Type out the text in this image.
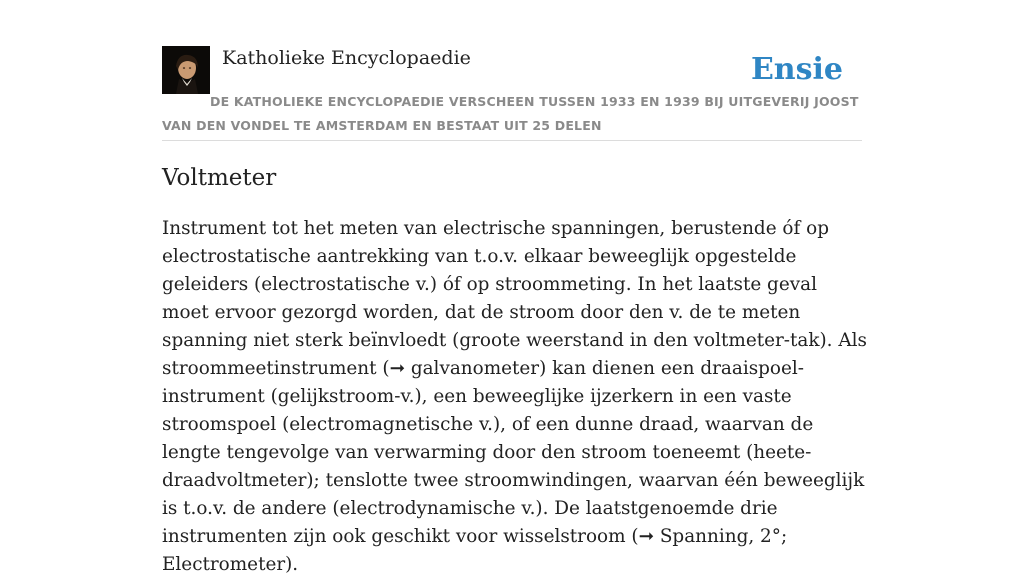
Katholieke Encyclopaedie	Ensie
DE KATHOLIEKE ENCYCLOPAEDIE VERSCHEEN TUSSEN 1933 EN 1939 BIJ UITGEVERIJ JOOST VAN DEN VONDEL TE AMSTERDAM EN BESTAAT UIT 25 DELEN
Voltmeter

Instrument tot het meten van electrische spanningen, berustende óf op electrostatische aantrekking van t.o.v. elkaar beweeglijk opgestelde geleiders (electrostatische v.) óf op stroommeting. In het laatste geval moet ervoor gezorgd worden, dat de stroom door den v. de te meten spanning niet sterk beïnvloedt (groote weerstand in den voltmeter-tak). Als stroommeetinstrument (➞ galvanometer) kan dienen een draaispoel-instrument (gelijkstroom-v.), een beweeglijke ijzerkern in een vaste stroomspoel (electromagnetische v.), of een dunne draad, waarvan de lengte tengevolge van verwarming door den stroom toeneemt (heete-draadvoltmeter); tenslotte twee stroomwindingen, waarvan één beweeglijk is t.o.v. de andere (electrodynamische v.). De laatstgenoemde drie instrumenten zijn ook geschikt voor wisselstroom (➞ Spanning, 2°; Electrometer).
